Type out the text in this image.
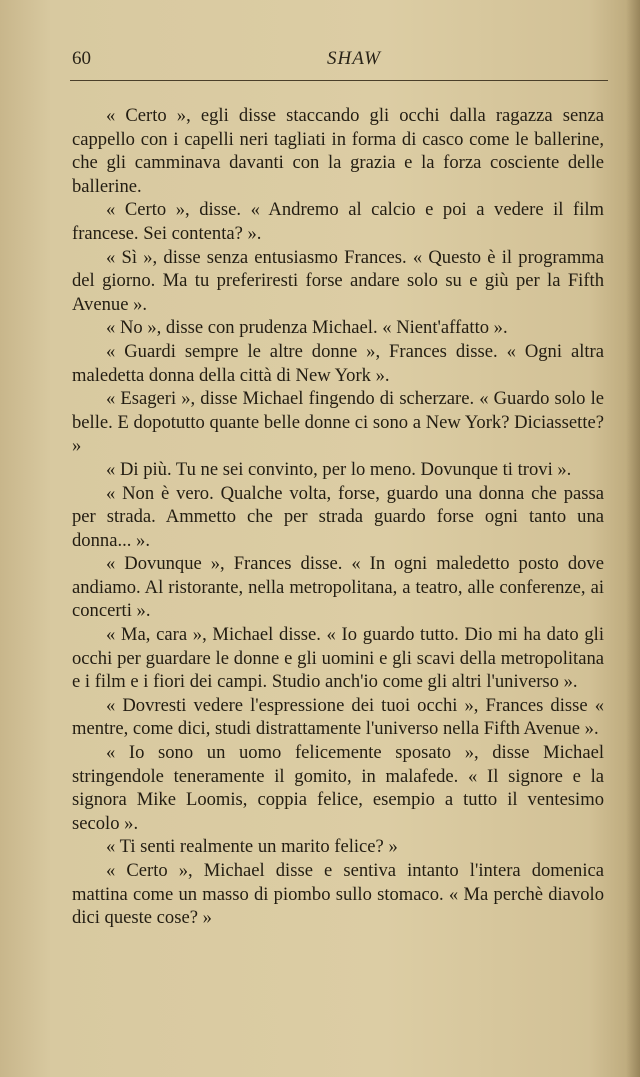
60	SHAW

« Certo », egli disse staccando gli occhi dalla ragazza senza cappello con i capelli neri tagliati in forma di casco come le ballerine, che gli camminava davanti con la grazia e la forza cosciente delle ballerine.

« Certo », disse. « Andremo al calcio e poi a vedere il film francese. Sei contenta? ».

« Sì », disse senza entusiasmo Frances. « Questo è il programma del giorno. Ma tu preferiresti forse andare solo su e giù per la Fifth Avenue ».

« No », disse con prudenza Michael. « Nient'affatto ».

« Guardi sempre le altre donne », Frances disse. « Ogni altra maledetta donna della città di New York ».

« Esageri », disse Michael fingendo di scherzare. « Guardo solo le belle. E dopotutto quante belle donne ci sono a New York? Diciassette? »

« Di più. Tu ne sei convinto, per lo meno. Dovunque ti trovi ».

« Non è vero. Qualche volta, forse, guardo una donna che passa per strada. Ammetto che per strada guardo forse ogni tanto una donna... ».

« Dovunque », Frances disse. « In ogni maledetto posto dove andiamo. Al ristorante, nella metropolitana, a teatro, alle conferenze, ai concerti ».

« Ma, cara », Michael disse. « Io guardo tutto. Dio mi ha dato gli occhi per guardare le donne e gli uomini e gli scavi della metropolitana e i film e i fiori dei campi. Studio anch'io come gli altri l'universo ».

« Dovresti vedere l'espressione dei tuoi occhi », Frances disse « mentre, come dici, studi distrattamente l'universo nella Fifth Avenue ».

« Io sono un uomo felicemente sposato », disse Michael stringendole teneramente il gomito, in malafede. « Il signore e la signora Mike Loomis, coppia felice, esempio a tutto il ventesimo secolo ».

« Ti senti realmente un marito felice? »

« Certo », Michael disse e sentiva intanto l'intera domenica mattina come un masso di piombo sullo stomaco. « Ma perchè diavolo dici queste cose? »
